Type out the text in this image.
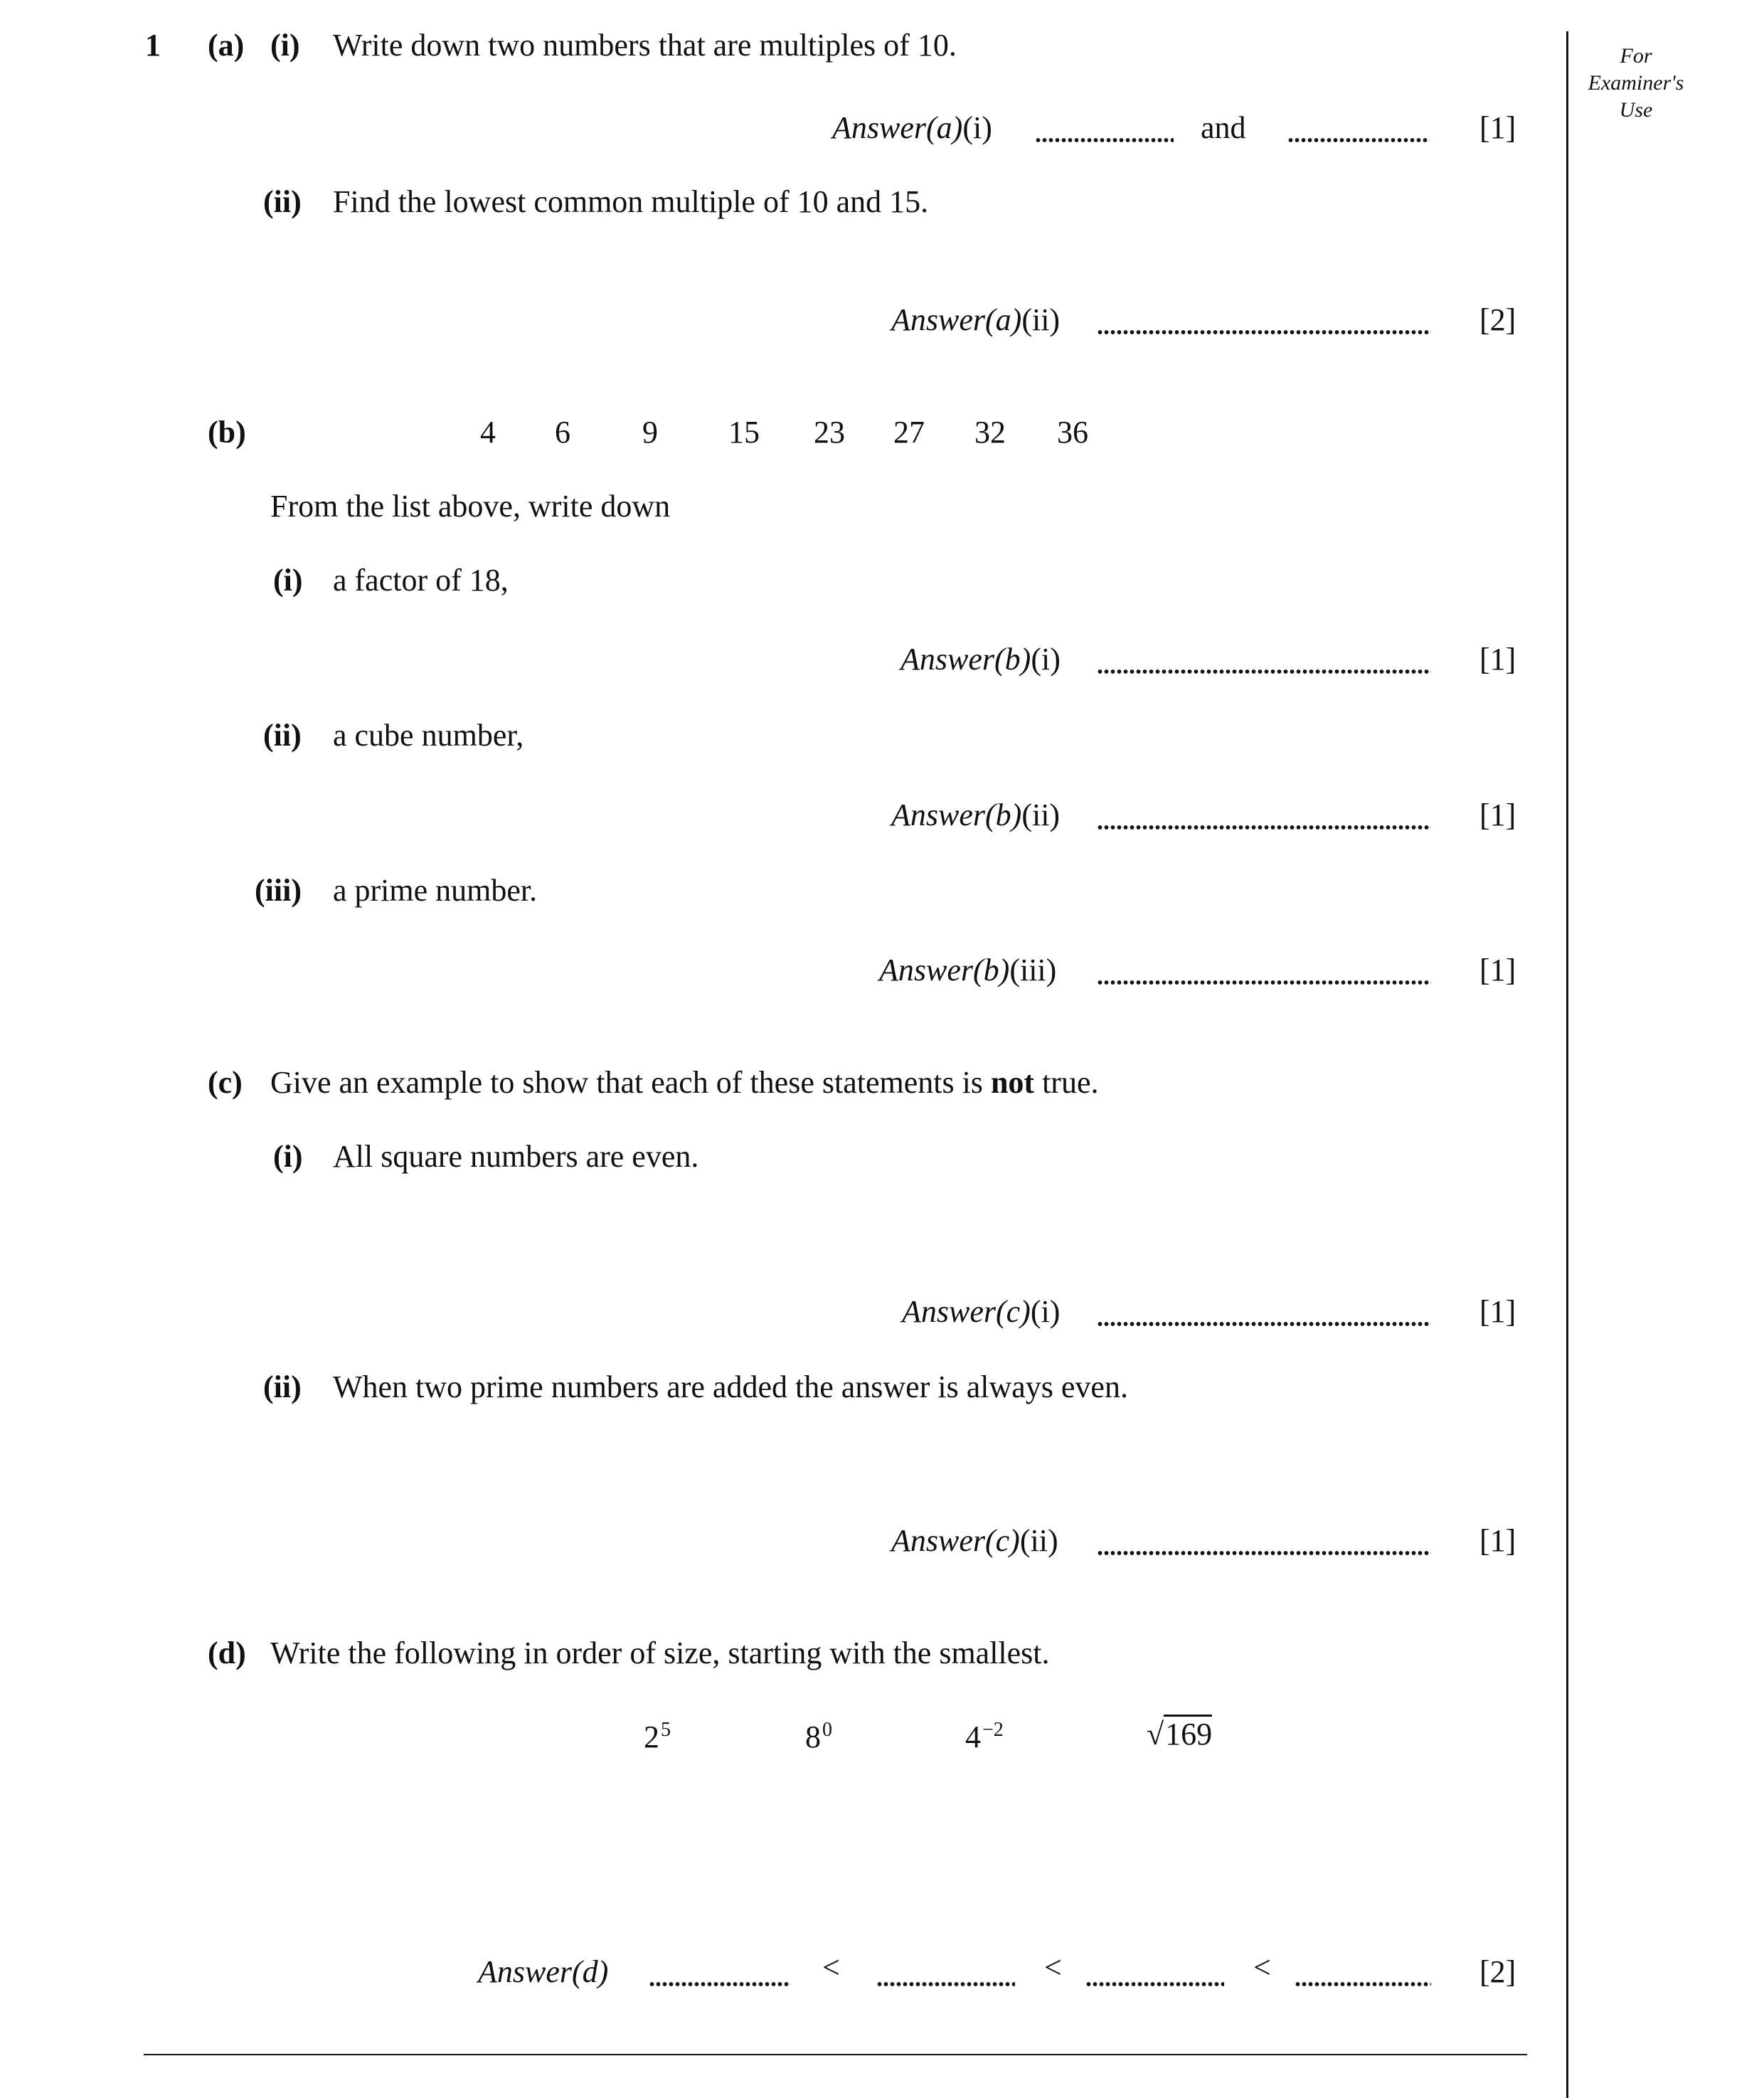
For
Examiner's
Use
1 (a) (i) Write down two numbers that are multiples of 10.
Answer(a)(i)	and	[1]
(ii) Find the lowest common multiple of 10 and 15.
Answer(a)(ii)	[2]
(b)	4 6 9 15 23 27 32 36
From the list above, write down
(i) a factor of 18,
Answer(b)(i)	[1]
(ii) a cube number,
Answer(b)(ii)	[1]
(iii) a prime number.
Answer(b)(iii)	[1]
(c) Give an example to show that each of these statements is not true.
(i) All square numbers are even.
Answer(c)(i)	[1]
(ii) When two prime numbers are added the answer is always even.
Answer(c)(ii)	[1]
(d) Write the following in order of size, starting with the smallest.
$2^5$	$8^0$	$4^{-2}$	√169
Answer(d)	<	<	<	[2]
